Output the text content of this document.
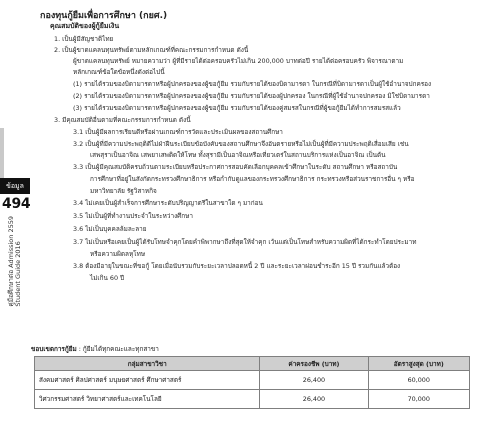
ข้อมูล
494
คู่มือศึกษาต่อ Admission 2559
Student Guide 2016
กองทุนกู้ยืมเพื่อการศึกษา (กยศ.)
คุณสมบัติของผู้กู้ยืมเงิน
1. เป็นผู้มีสัญชาติไทย
2. เป็นผู้ขาดแคลนทุนทรัพย์ตามหลักเกณฑ์ที่คณะกรรมการกำหนด ดังนี้
ผู้ขาดแคลนทุนทรัพย์ หมายความว่า ผู้ที่มีรายได้ต่อครอบครัวไม่เกิน 200,000 บาทต่อปี รายได้ต่อครอบครัว พิจารณาตาม
หลักเกณฑ์ข้อใดข้อหนึ่งดังต่อไปนี้
(1) รายได้รวมของบิดามารดาหรือผู้ปกครองของผู้ขอกู้ยืม รวมกับรายได้ของบิดามารดา ในกรณีที่บิดามารดาเป็นผู้ใช้อำนาจปกครอง
(2) รายได้รวมของบิดามารดาหรือผู้ปกครองของผู้ขอกู้ยืม รวมกับรายได้ของผู้ปกครอง ในกรณีที่ผู้ใช้อำนาจปกครอง มิใช่บิดามารดา
(3) รายได้รวมของบิดามารดาหรือผู้ปกครองของผู้ขอกู้ยืม รวมกับรายได้ของคู่สมรสในกรณีที่ผู้ขอกู้ยืมได้ทำการสมรสแล้ว
3. มีคุณสมบัติอื่นตามที่คณะกรรมการกำหนด ดังนี้
3.1 เป็นผู้มีผลการเรียนดีหรือผ่านเกณฑ์การวัดและประเมินผลของสถานศึกษา
3.2 เป็นผู้ที่มีความประพฤติดีไม่ฝ่าฝืนระเบียบข้อบังคับของสถานศึกษาจึงอันตรายหรือไม่เป็นผู้ที่มีความประพฤติเสื่อมเสีย เช่น
เสพสุราเป็นอาจิณ เสพยาเสพติดให้โทษ ทั้งสุรามีเป็นอาจิณหรือเที่ยวเตร่ในสถานบริการแห่งเป็นอาจิณ เป็นต้น
3.3 เป็นผู้มีคุณสมบัติครบถ้วนตามระเบียบหรือประกาศการสอบคัดเลือกบุคคลเข้าศึกษาในระดับ สถานศึกษา หรือสถาบัน
การศึกษาที่อยู่ในสังกัดกระทรวงศึกษาธิการ หรือกำกับดูแลของกระทรวงศึกษาธิการ กระทรวงหรือส่วนราชการอื่น ๆ หรือ
มหาวิทยาลัย รัฐวิสาหกิจ
3.4 ไม่เคยเป็นผู้สำเร็จการศึกษาระดับปริญญาตรีในสาขาใด ๆ มาก่อน
3.5 ไม่เป็นผู้ที่ทำงานประจำในระหว่างศึกษา
3.6 ไม่เป็นบุคคลล้มละลาย
3.7 ไม่เป็นหรือเคยเป็นผู้ได้รับโทษจำคุกโดยคำพิพากษาถึงที่สุดให้จำคุก เว้นแต่เป็นโทษสำหรับความผิดที่ได้กระทำโดยประมาท
หรือความผิดลหุโทษ
3.8 ต้องมีอายุในขณะที่ขอกู้ โดยเมื่อนับรวมกับระยะเวลาปลอดหนี้ 2 ปี และระยะเวลาผ่อนชำระอีก 15 ปี รวมกันแล้วต้อง
ไม่เกิน 60 ปี
ขอบเขตการกู้ยืม : กู้ยืมได้ทุกคณะและทุกสาขา
กลุ่มสาขาวิชา	ค่าครองชีพ (บาท)	อัตราสูงสุด (บาท)
สังคมศาสตร์ ศิลปศาสตร์ มนุษยศาสตร์ ศึกษาศาสตร์	26,400	60,000
วิศวกรรมศาสตร์ วิทยาศาสตร์และเทคโนโลยี	26,400	70,000
